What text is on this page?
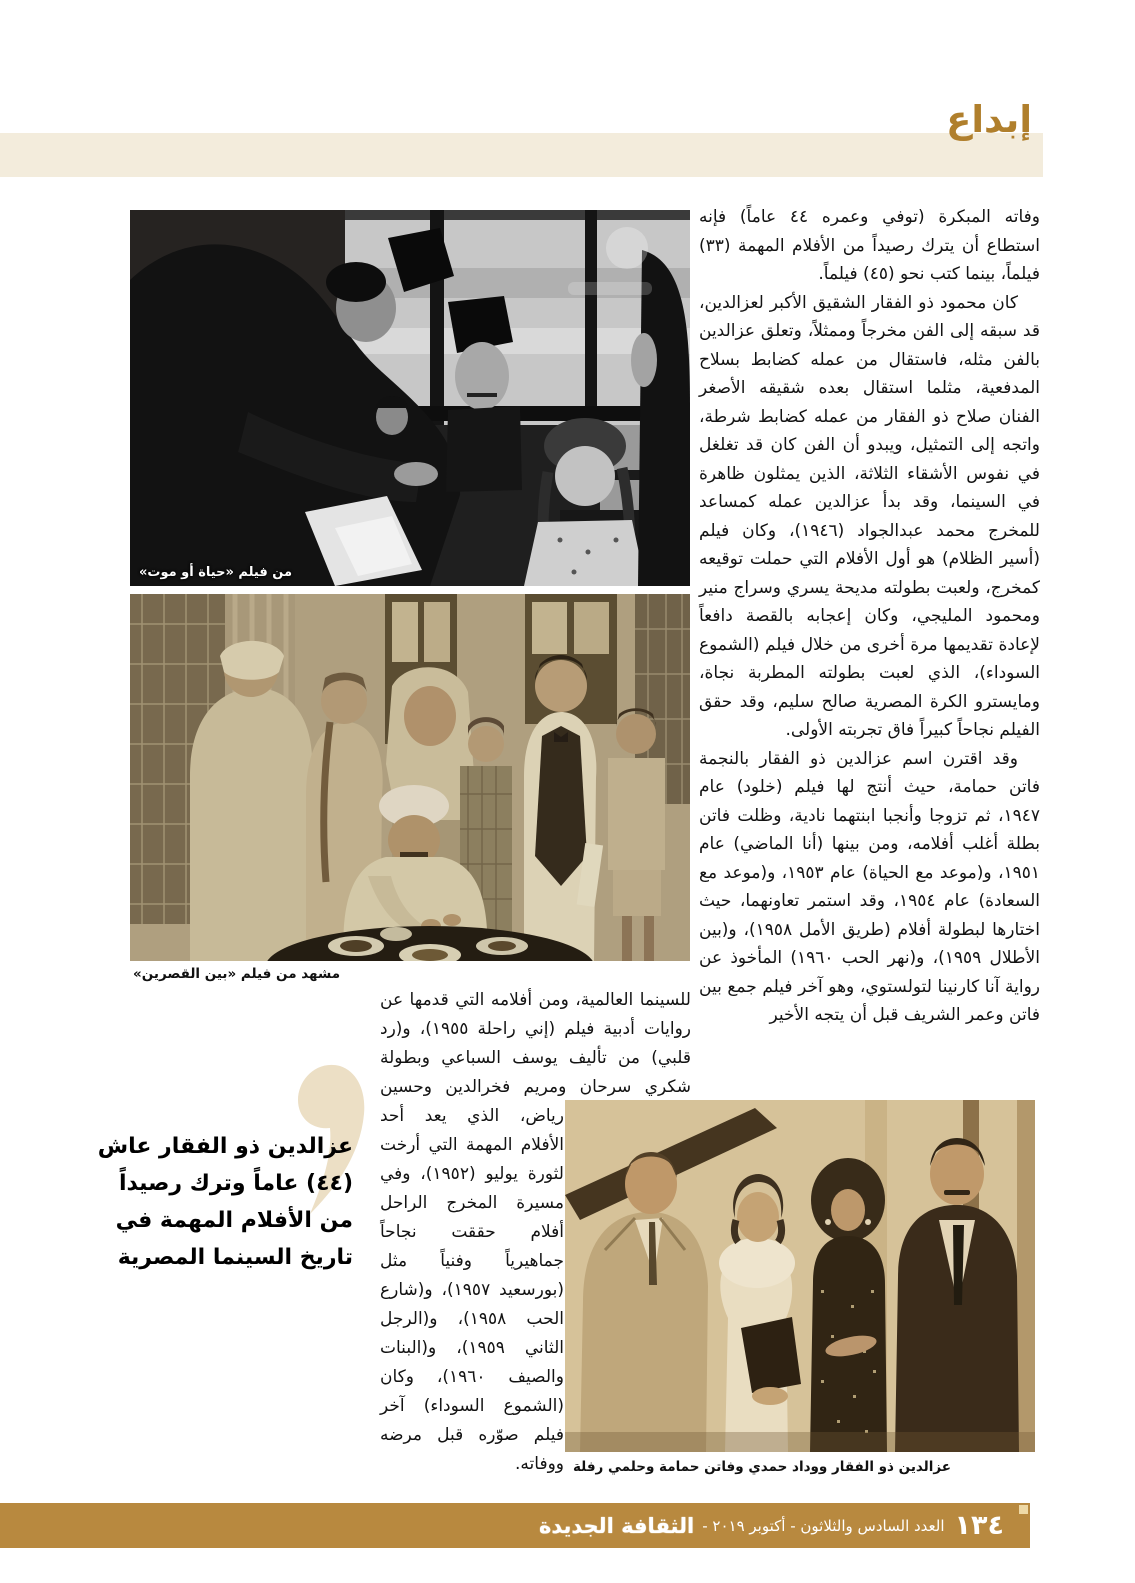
إبداع
من فيلم «حياة أو موت»
مشهد من فيلم «بين القصرين»

وفاته المبكرة (توفي وعمره ٤٤ عاماً) فإنه استطاع أن يترك رصيداً من الأفلام المهمة (٣٣) فيلماً، بينما كتب نحو (٤٥) فيلماً.

كان محمود ذو الفقار الشقيق الأكبر لعزالدين، قد سبقه إلى الفن مخرجاً وممثلاً، وتعلق عزالدين بالفن مثله، فاستقال من عمله كضابط بسلاح المدفعية، مثلما استقال بعده شقيقه الأصغر الفنان صلاح ذو الفقار من عمله كضابط شرطة، واتجه إلى التمثيل، ويبدو أن الفن كان قد تغلغل في نفوس الأشقاء الثلاثة، الذين يمثلون ظاهرة في السينما، وقد بدأ عزالدين عمله كمساعد للمخرج محمد عبدالجواد (١٩٤٦)، وكان فيلم (أسير الظلام) هو أول الأفلام التي حملت توقيعه كمخرج، ولعبت بطولته مديحة يسري وسراج منير ومحمود المليجي، وكان إعجابه بالقصة دافعاً لإعادة تقديمها مرة أخرى من خلال فيلم (الشموع السوداء)، الذي لعبت بطولته المطربة نجاة، ومايسترو الكرة المصرية صالح سليم، وقد حقق الفيلم نجاحاً كبيراً فاق تجربته الأولى.

وقد اقترن اسم عزالدين ذو الفقار بالنجمة فاتن حمامة، حيث أنتج لها فيلم (خلود) عام ١٩٤٧، ثم تزوجا وأنجبا ابنتهما نادية، وظلت فاتن بطلة أغلب أفلامه، ومن بينها (أنا الماضي) عام ١٩٥١، و(موعد مع الحياة) عام ١٩٥٣، و(موعد مع السعادة) عام ١٩٥٤، وقد استمر تعاونهما، حيث اختارها لبطولة أفلام (طريق الأمل ١٩٥٨)، و(بين الأطلال ١٩٥٩)، و(نهر الحب ١٩٦٠) المأخوذ عن رواية آنا كارنينا لتولستوي، وهو آخر فيلم جمع بين فاتن وعمر الشريف قبل أن يتجه الأخير

للسينما العالمية، ومن أفلامه التي قدمها عن روايات أدبية فيلم (إني راحلة ١٩٥٥)، و(رد قلبي) من تأليف يوسف السباعي وبطولة شكري سرحان ومريم فخرالدين وحسين رياض، الذي يعد أحد الأفلام المهمة التي أرخت لثورة يوليو (١٩٥٢)، وفي مسيرة المخرج الراحل أفلام حققت نجاحاً جماهيرياً وفنياً مثل (بورسعيد ١٩٥٧)، و(شارع الحب ١٩٥٨)، و(الرجل الثاني ١٩٥٩)، و(البنات والصيف ١٩٦٠)، وكان (الشموع السوداء) آخر فيلم صوّره قبل مرضه ووفاته.

عزالدين ذو الفقار عاش (٤٤) عاماً وترك رصيداً من الأفلام المهمة في تاريخ السينما المصرية
عزالدين ذو الفقار ووداد حمدي وفاتن حمامة وحلمي رفلة
١٣٤
العدد السادس والثلاثون - أكتوبر ٢٠١٩ -
الثقافة الجديدة
